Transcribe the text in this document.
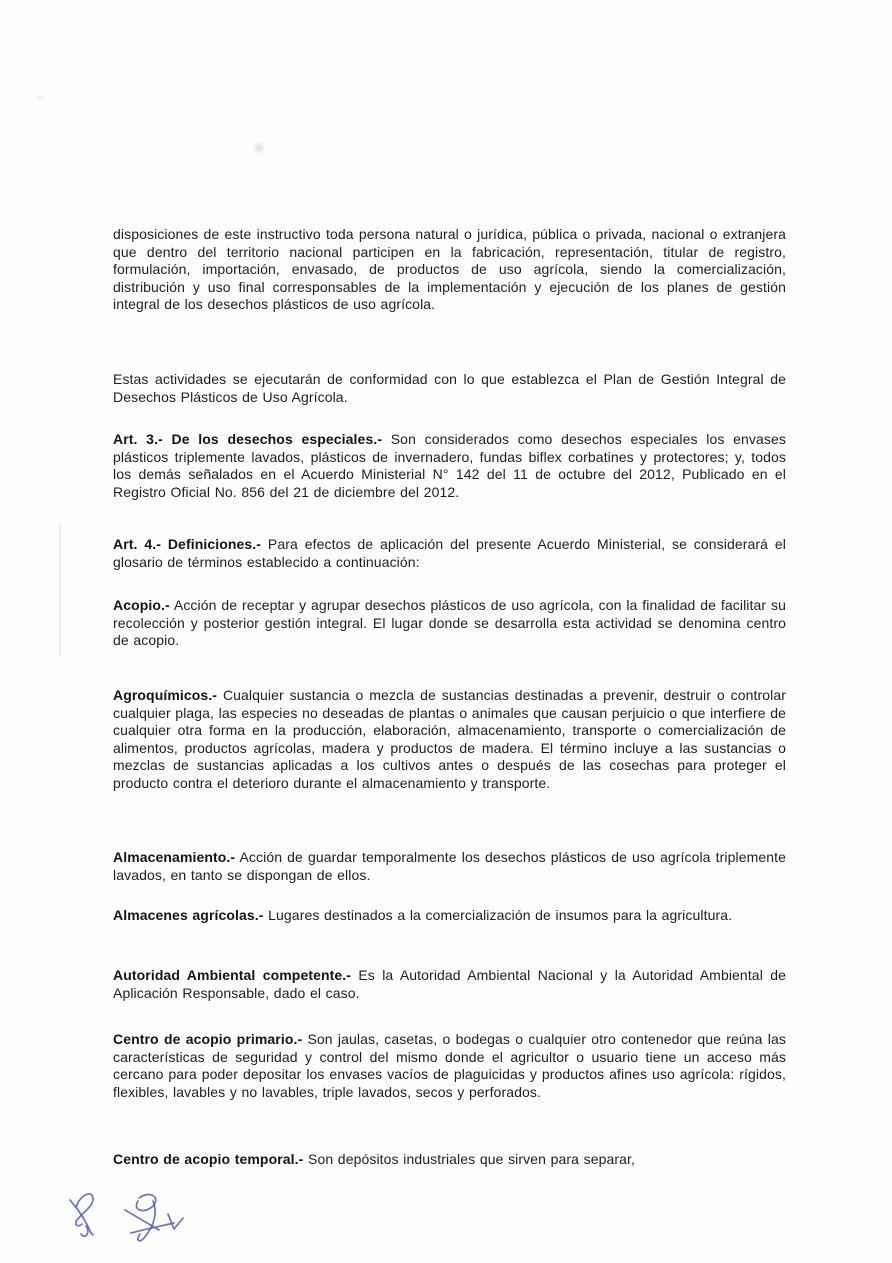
disposiciones de este instructivo toda persona natural o jurídica, pública o privada, nacional o extranjera que dentro del territorio nacional participen en la fabricación, representación, titular de registro, formulación, importación, envasado, de productos de uso agrícola, siendo la comercialización, distribución y uso final corresponsables de la implementación y ejecución de los planes de gestión integral de los desechos plásticos de uso agrícola.

Estas actividades se ejecutarán de conformidad con lo que establezca el Plan de Gestión Integral de Desechos Plásticos de Uso Agrícola.

Art. 3.- De los desechos especiales.- Son considerados como desechos especiales los envases plásticos triplemente lavados, plásticos de invernadero, fundas biflex corbatines y protectores; y, todos los demás señalados en el Acuerdo Ministerial N° 142 del 11 de octubre del 2012, Publicado en el Registro Oficial No. 856 del 21 de diciembre del 2012.

Art. 4.- Definiciones.- Para efectos de aplicación del presente Acuerdo Ministerial, se considerará el glosario de términos establecido a continuación:

Acopio.- Acción de receptar y agrupar desechos plásticos de uso agrícola, con la finalidad de facilitar su recolección y posterior gestión integral. El lugar donde se desarrolla esta actividad se denomina centro de acopio.

Agroquímicos.- Cualquier sustancia o mezcla de sustancias destinadas a prevenir, destruir o controlar cualquier plaga, las especies no deseadas de plantas o animales que causan perjuicio o que interfiere de cualquier otra forma en la producción, elaboración, almacenamiento, transporte o comercialización de alimentos, productos agrícolas, madera y productos de madera. El término incluye a las sustancias o mezclas de sustancias aplicadas a los cultivos antes o después de las cosechas para proteger el producto contra el deterioro durante el almacenamiento y transporte.

Almacenamiento.- Acción de guardar temporalmente los desechos plásticos de uso agrícola triplemente lavados, en tanto se dispongan de ellos.

Almacenes agrícolas.- Lugares destinados a la comercialización de insumos para la agricultura.

Autoridad Ambiental competente.- Es la Autoridad Ambiental Nacional y la Autoridad Ambiental de Aplicación Responsable, dado el caso.

Centro de acopio primario.- Son jaulas, casetas, o bodegas o cualquier otro contenedor que reúna las características de seguridad y control del mismo donde el agricultor o usuario tiene un acceso más cercano para poder depositar los envases vacíos de plaguicidas y productos afines uso agrícola: rígidos, flexibles, lavables y no lavables, triple lavados, secos y perforados.

Centro de acopio temporal.- Son depósitos industriales que sirven para separar,
